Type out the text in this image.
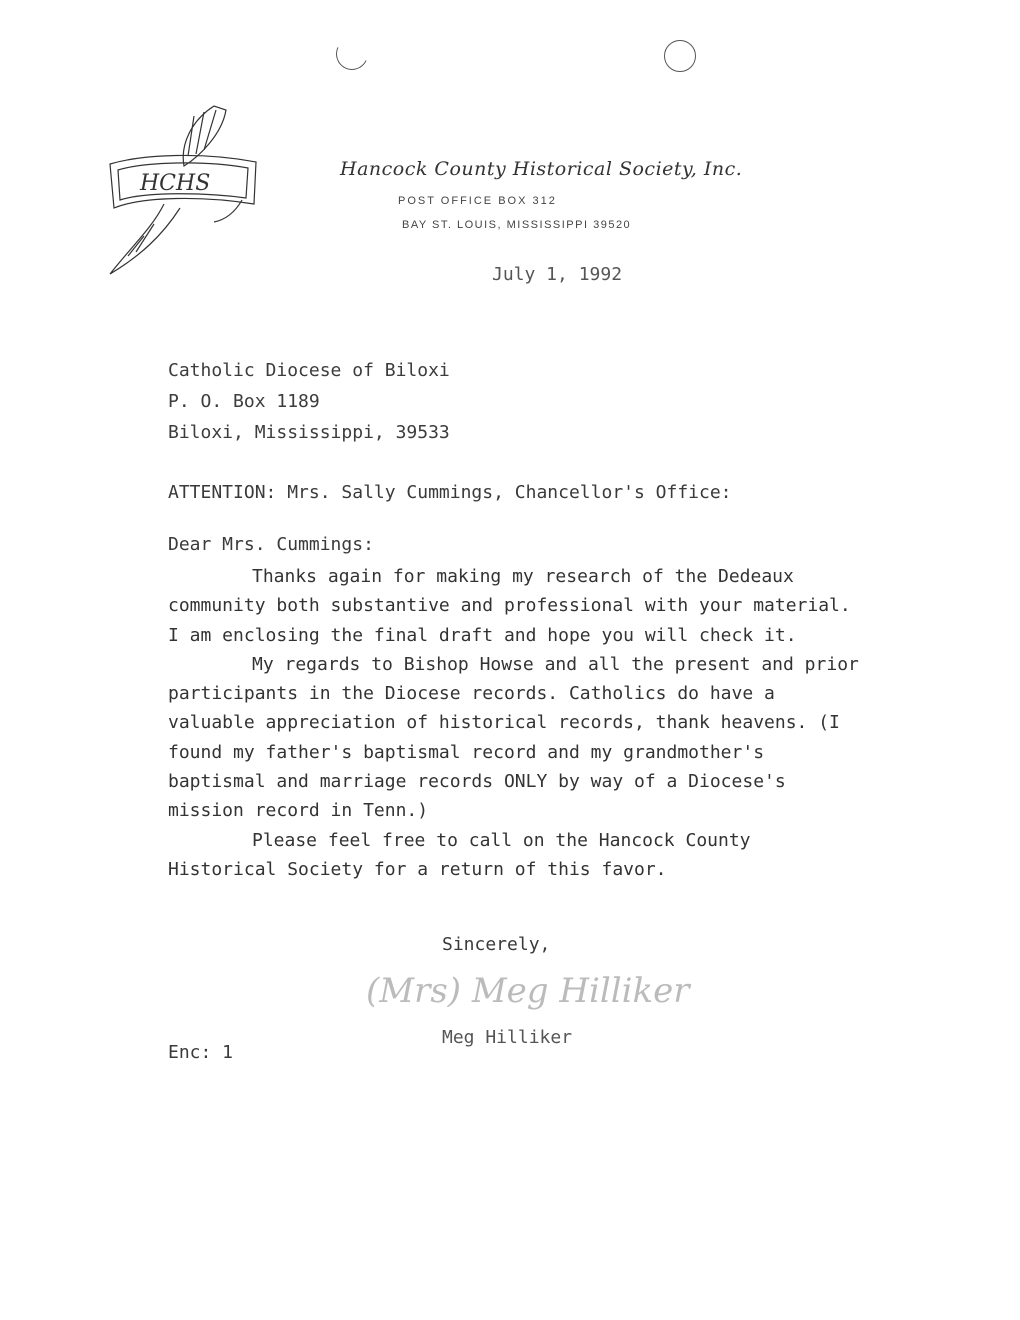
HCHS
Hancock County Historical Society, Inc.
POST OFFICE BOX 312
BAY ST. LOUIS, MISSISSIPPI 39520
July 1, 1992
Catholic Diocese of Biloxi
P. O. Box 1189
Biloxi, Mississippi, 39533
ATTENTION: Mrs. Sally Cummings, Chancellor's Office:
Dear Mrs. Cummings:

Thanks again for making my research of the Dedeaux community both substantive and professional with your material. I am enclosing the final draft and hope you will check it.

My regards to Bishop Howse and all the present and prior participants in the Diocese records. Catholics do have a valuable appreciation of historical records, thank heavens. (I found my father's baptismal record and my grandmother's baptismal and marriage records ONLY by way of a Diocese's mission record in Tenn.)

Please feel free to call on the Hancock County Historical Society for a return of this favor.

Sincerely,
(Mrs) Meg Hilliker
Meg Hilliker
Enc: 1
